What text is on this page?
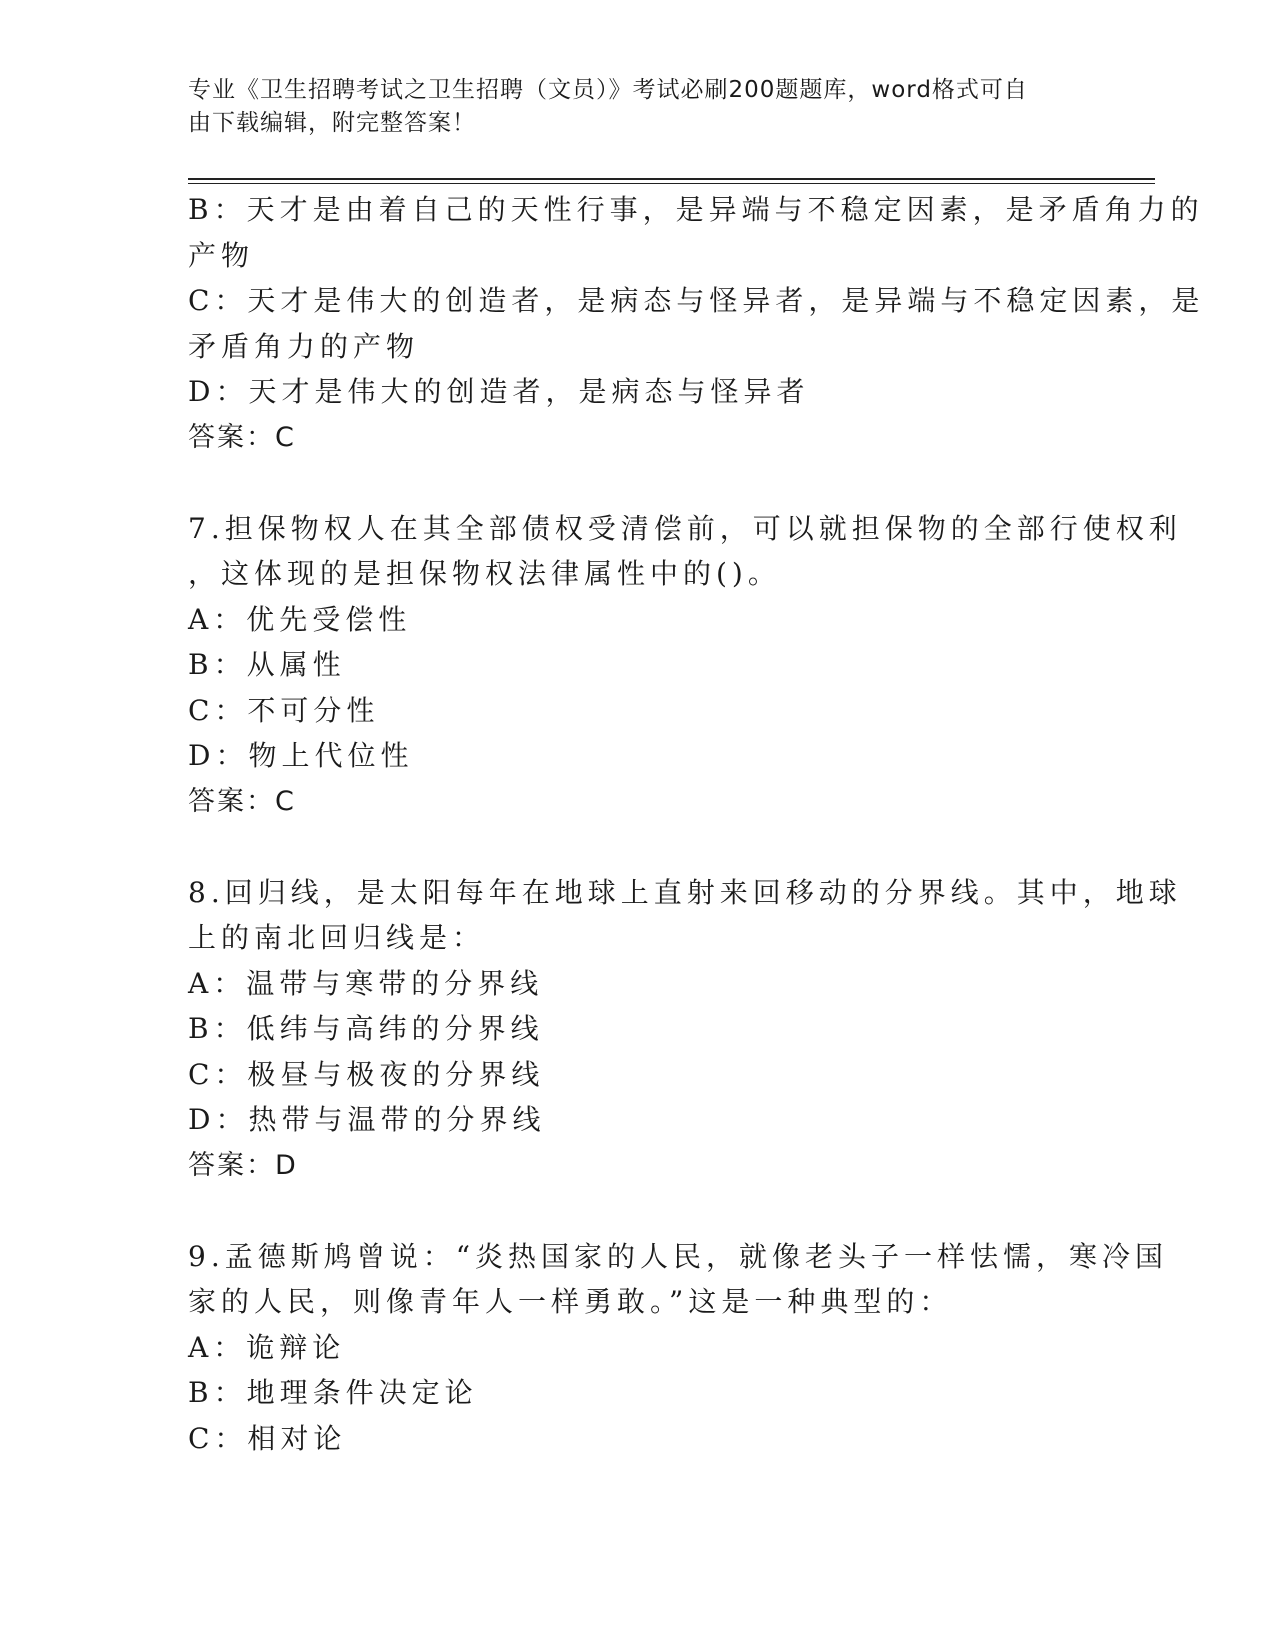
专业《卫生招聘考试之卫生招聘（文员）》考试必刷200题题库，word格式可自
由下载编辑，附完整答案！
B：天才是由着自己的天性行事，是异端与不稳定因素，是矛盾角力的
产物
C：天才是伟大的创造者，是病态与怪异者，是异端与不稳定因素，是
矛盾角力的产物
D：天才是伟大的创造者，是病态与怪异者
答案：C
7.担保物权人在其全部债权受清偿前，可以就担保物的全部行使权利
，这体现的是担保物权法律属性中的()。
A：优先受偿性
B：从属性
C：不可分性
D：物上代位性
答案：C
8.回归线，是太阳每年在地球上直射来回移动的分界线。其中，地球
上的南北回归线是：
A：温带与寒带的分界线
B：低纬与高纬的分界线
C：极昼与极夜的分界线
D：热带与温带的分界线
答案：D
9.孟德斯鸠曾说：“炎热国家的人民，就像老头子一样怯懦，寒冷国
家的人民，则像青年人一样勇敢。”这是一种典型的：
A：诡辩论
B：地理条件决定论
C：相对论
